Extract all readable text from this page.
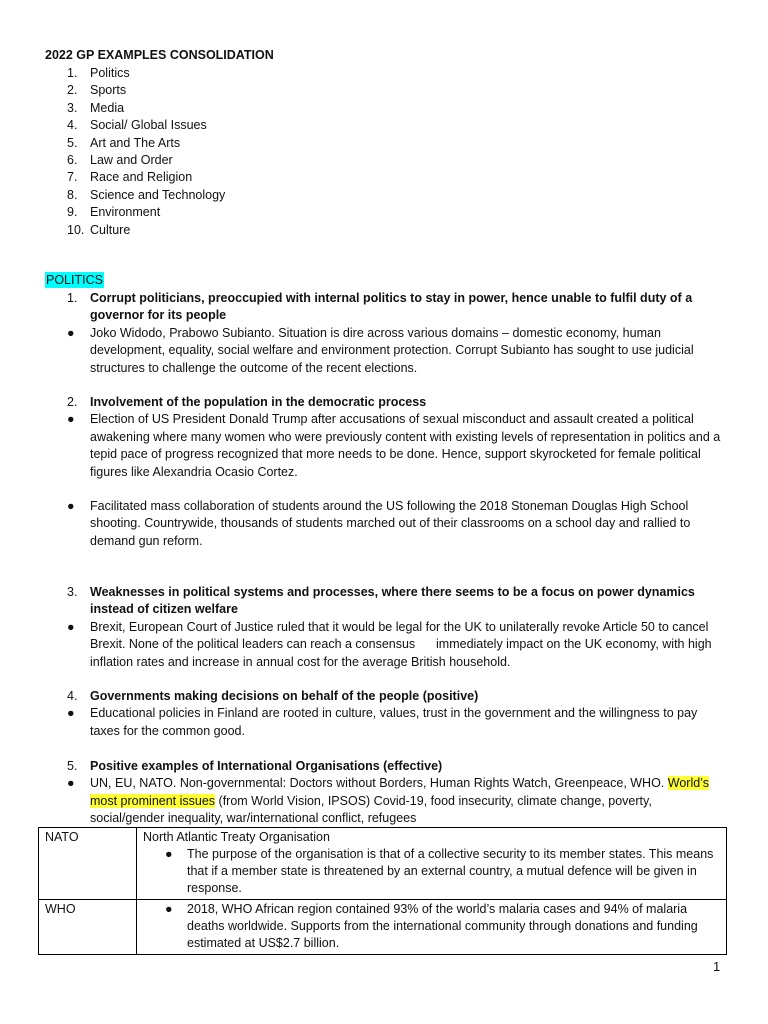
2022 GP EXAMPLES CONSOLIDATION
1. Politics
2. Sports
3. Media
4. Social/ Global Issues
5. Art and The Arts
6. Law and Order
7. Race and Religion
8. Science and Technology
9. Environment
10. Culture
POLITICS
1. Corrupt politicians, preoccupied with internal politics to stay in power, hence unable to fulfil duty of a governor for its people
● Joko Widodo, Prabowo Subianto. Situation is dire across various domains – domestic economy, human development, equality, social welfare and environment protection. Corrupt Subianto has sought to use judicial structures to challenge the outcome of the recent elections.
2. Involvement of the population in the democratic process
● Election of US President Donald Trump after accusations of sexual misconduct and assault created a political awakening where many women who were previously content with existing levels of representation in politics and a tepid pace of progress recognized that more needs to be done. Hence, support skyrocketed for female political figures like Alexandria Ocasio Cortez.
● Facilitated mass collaboration of students around the US following the 2018 Stoneman Douglas High School shooting. Countrywide, thousands of students marched out of their classrooms on a school day and rallied to demand gun reform.
3. Weaknesses in political systems and processes, where there seems to be a focus on power dynamics instead of citizen welfare
● Brexit, European Court of Justice ruled that it would be legal for the UK to unilaterally revoke Article 50 to cancel Brexit. None of the political leaders can reach a consensus      immediately impact on the UK economy, with high inflation rates and increase in annual cost for the average British household.
4. Governments making decisions on behalf of the people (positive)
● Educational policies in Finland are rooted in culture, values, trust in the government and the willingness to pay taxes for the common good.
5. Positive examples of International Organisations (effective)
● UN, EU, NATO. Non-governmental: Doctors without Borders, Human Rights Watch, Greenpeace, WHO. World’s most prominent issues (from World Vision, IPSOS) Covid-19, food insecurity, climate change, poverty, social/gender inequality, war/international conflict, refugees
NATO	North Atlantic Treaty Organisation
● The purpose of the organisation is that of a collective security to its member states. This means that if a member state is threatened by an external country, a mutual defence will be given in response.

WHO	● 2018, WHO African region contained 93% of the world’s malaria cases and 94% of malaria deaths worldwide. Supports from the international community through donations and funding estimated at US$2.7 billion.
1
